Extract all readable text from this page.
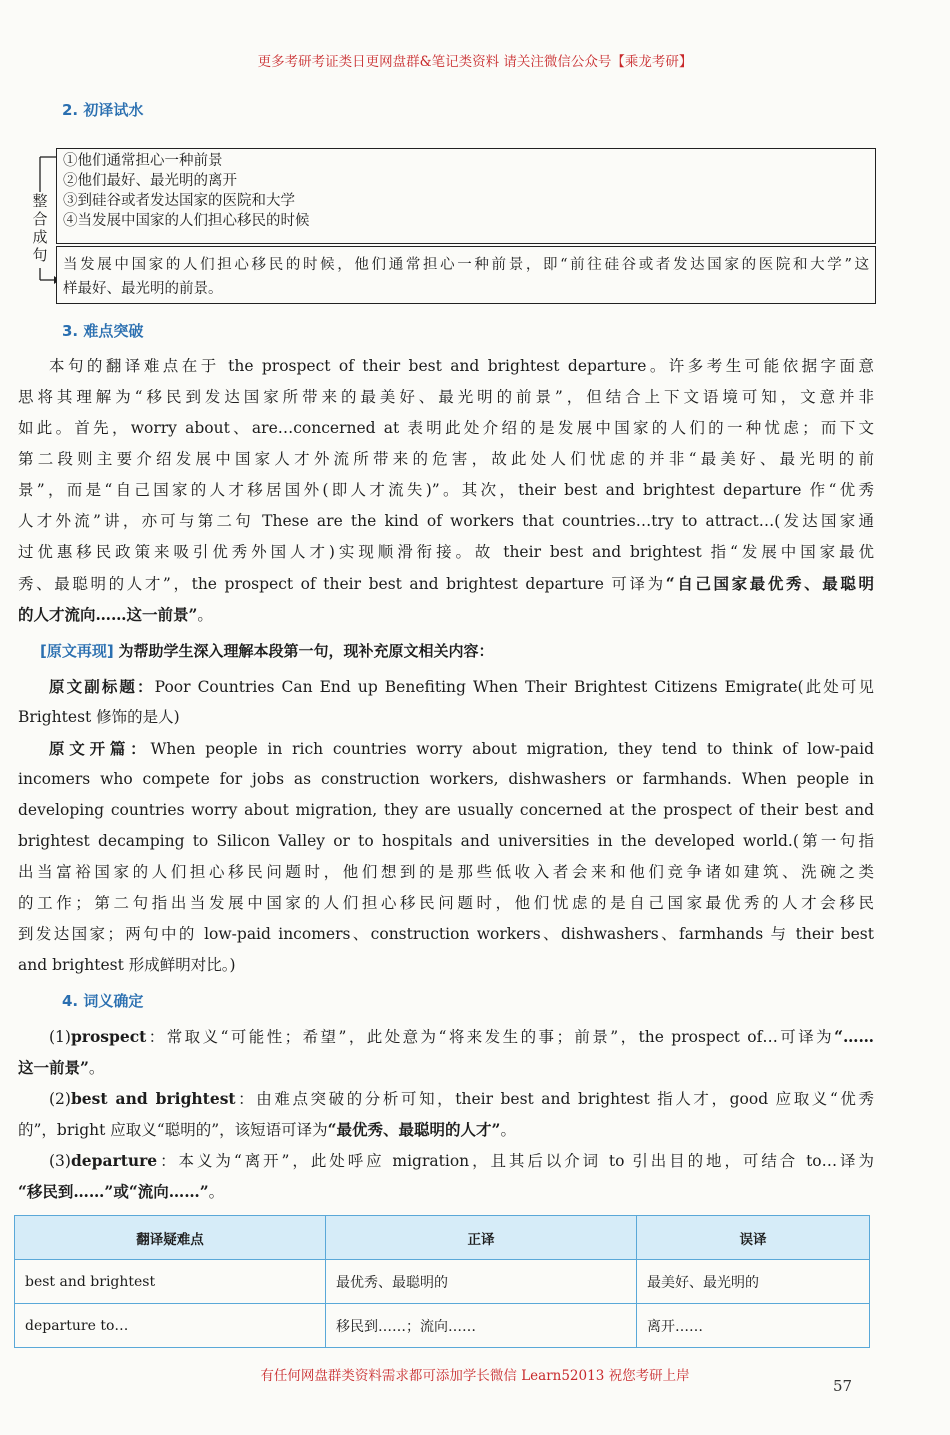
更多考研考证类日更网盘群&笔记类资料 请关注微信公众号【乘龙考研】
2. 初译试水
①他们通常担心一种前景
②他们最好、最光明的离开
③到硅谷或者发达国家的医院和大学
④当发展中国家的人们担心移民的时候
整
合
成
句
当发展中国家的人们担心移民的时候，他们通常担心一种前景，即“前往硅谷或者发达国家的医院和大学”这
样最好、最光明的前景。
3. 难点突破
本句的翻译难点在于 the prospect of their best and brightest departure。许多考生可能依据字面意
思将其理解为“移民到发达国家所带来的最美好、最光明的前景”，但结合上下文语境可知，文意并非
如此。首先，worry about、are…concerned at 表明此处介绍的是发展中国家的人们的一种忧虑；而下文
第二段则主要介绍发展中国家人才外流所带来的危害，故此处人们忧虑的并非“最美好、最光明的前
景”，而是“自己国家的人才移居国外(即人才流失)”。其次，their best and brightest departure 作“优秀
人才外流”讲，亦可与第二句 These are the kind of workers that countries…try to attract…(发达国家通
过优惠移民政策来吸引优秀外国人才)实现顺滑衔接。故 their best and brightest 指“发展中国家最优
秀、最聪明的人才”，the prospect of their best and brightest departure 可译为“自己国家最优秀、最聪明
的人才流向……这一前景”。
[原文再现] 为帮助学生深入理解本段第一句，现补充原文相关内容：
原文副标题：Poor Countries Can End up Benefiting When Their Brightest Citizens Emigrate(此处可见
Brightest 修饰的是人)
原文开篇：When people in rich countries worry about migration, they tend to think of low-paid
incomers who compete for jobs as construction workers, dishwashers or farmhands. When people in
developing countries worry about migration, they are usually concerned at the prospect of their best and
brightest decamping to Silicon Valley or to hospitals and universities in the developed world.(第一句指
出当富裕国家的人们担心移民问题时，他们想到的是那些低收入者会来和他们竞争诸如建筑、洗碗之类
的工作；第二句指出当发展中国家的人们担心移民问题时，他们忧虑的是自己国家最优秀的人才会移民
到发达国家；两句中的 low-paid incomers、construction workers、dishwashers、farmhands 与 their best
and brightest 形成鲜明对比。)
4. 词义确定
(1)prospect：常取义“可能性；希望”，此处意为“将来发生的事；前景”，the prospect of…可译为“……
这一前景”。
(2)best and brightest：由难点突破的分析可知，their best and brightest 指人才，good 应取义“优秀
的”，bright 应取义“聪明的”，该短语可译为“最优秀、最聪明的人才”。
(3)departure：本义为“离开”，此处呼应 migration，且其后以介词 to 引出目的地，可结合 to…译为
“移民到……”或“流向……”。
翻译疑难点	正译	误译
best and brightest	最优秀、最聪明的	最美好、最光明的
departure to…	移民到……；流向……	离开……
有任何网盘群类资料需求都可添加学长微信 Learn52013 祝您考研上岸
57
